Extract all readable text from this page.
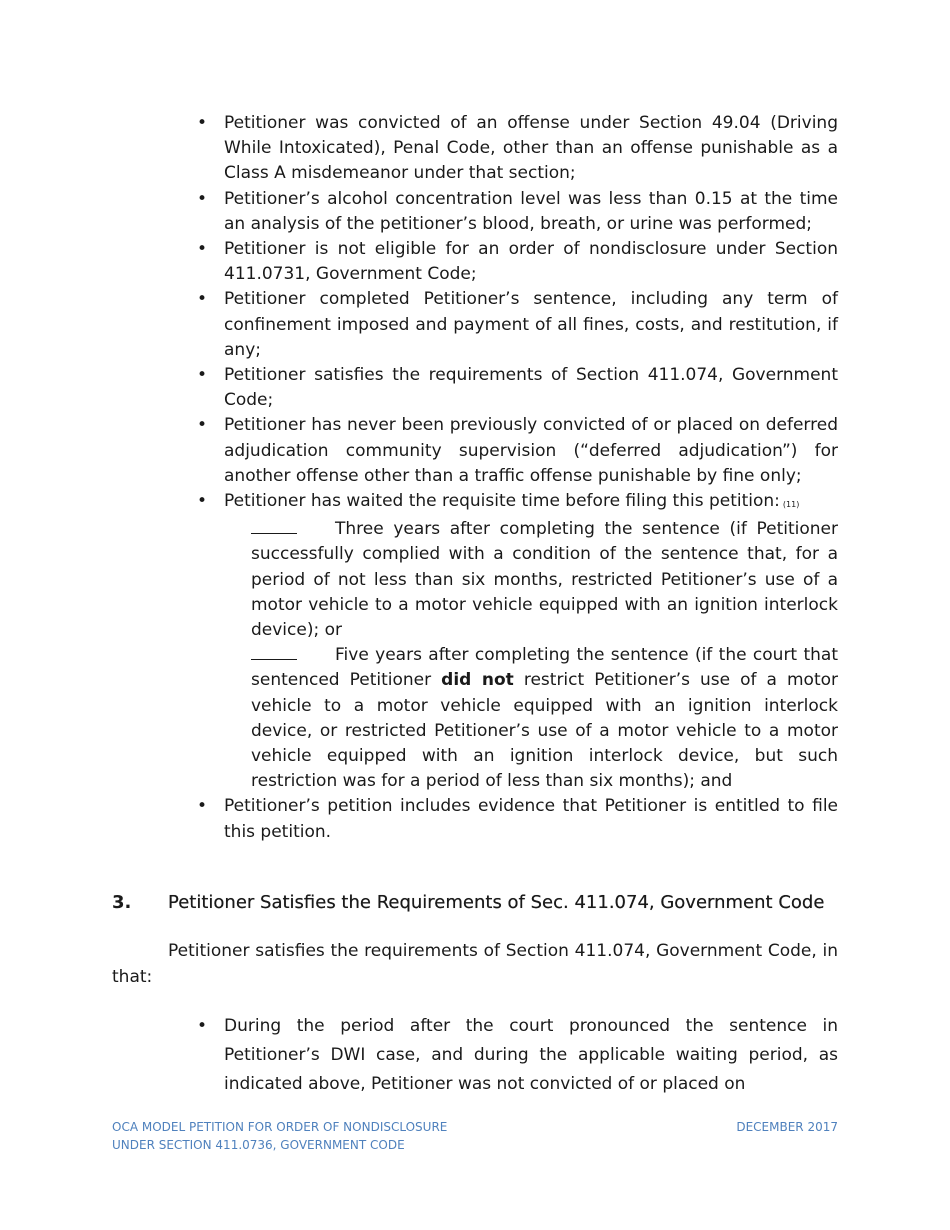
• Petitioner was convicted of an offense under Section 49.04 (Driving While Intoxicated), Penal Code, other than an offense punishable as a Class A misdemeanor under that section;
• Petitioner’s alcohol concentration level was less than 0.15 at the time an analysis of the petitioner’s blood, breath, or urine was performed;
• Petitioner is not eligible for an order of nondisclosure under Section 411.0731, Government Code;
• Petitioner completed Petitioner’s sentence, including any term of confinement imposed and payment of all fines, costs, and restitution, if any;
• Petitioner satisfies the requirements of Section 411.074, Government Code;
• Petitioner has never been previously convicted of or placed on deferred adjudication community supervision (“deferred adjudication”) for another offense other than a traffic offense punishable by fine only;
• Petitioner has waited the requisite time before filing this petition: (11)
Three years after completing the sentence (if Petitioner successfully complied with a condition of the sentence that, for a period of not less than six months, restricted Petitioner’s use of a motor vehicle to a motor vehicle equipped with an ignition interlock device); or
Five years after completing the sentence (if the court that sentenced Petitioner did not restrict Petitioner’s use of a motor vehicle to a motor vehicle equipped with an ignition interlock device, or restricted Petitioner’s use of a motor vehicle to a motor vehicle equipped with an ignition interlock device, but such restriction was for a period of less than six months); and
• Petitioner’s petition includes evidence that Petitioner is entitled to file this petition.
3. Petitioner Satisfies the Requirements of Sec. 411.074, Government Code

Petitioner satisfies the requirements of Section 411.074, Government Code, in that:

• During the period after the court pronounced the sentence in Petitioner’s DWI case, and during the applicable waiting period, as indicated above, Petitioner was not convicted of or placed on
OCA MODEL PETITION FOR ORDER OF NONDISCLOSURE
UNDER SECTION 411.0736, GOVERNMENT CODE
DECEMBER 2017
